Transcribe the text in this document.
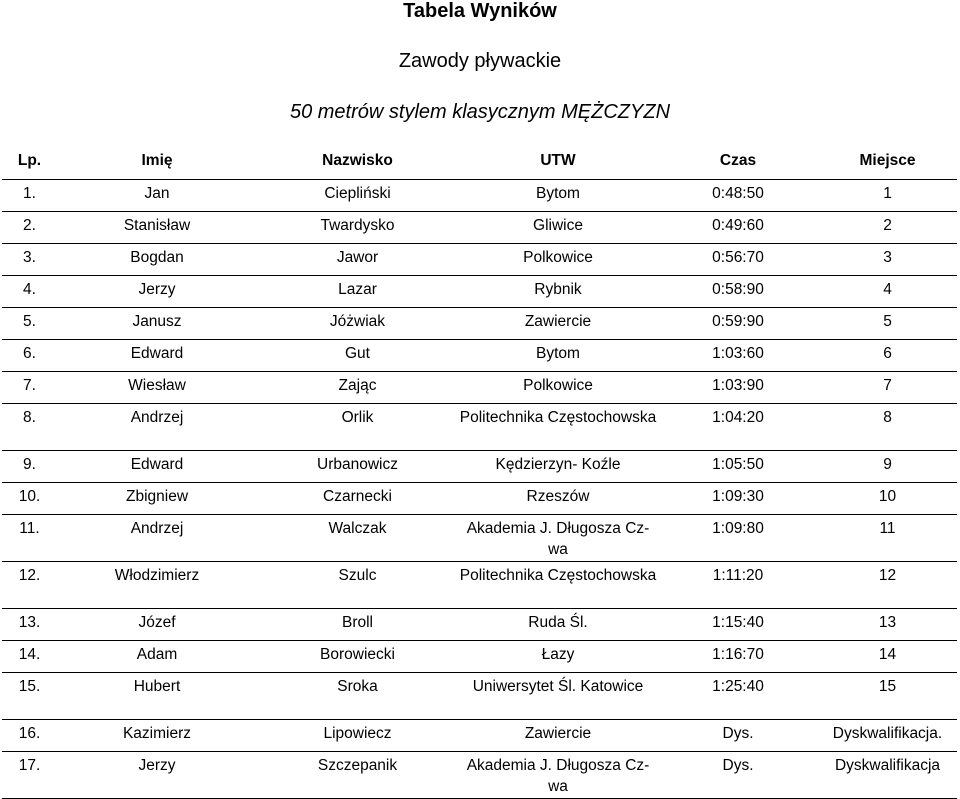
Tabela Wyników
Zawody pływackie
50 metrów stylem klasycznym MĘŻCZYZN
Lp.	Imię	Nazwisko	UTW	Czas	Miejsce
1.	Jan	Ciepliński	Bytom	0:48:50	1
2.	Stanisław	Twardysko	Gliwice	0:49:60	2
3.	Bogdan	Jawor	Polkowice	0:56:70	3
4.	Jerzy	Lazar	Rybnik	0:58:90	4
5.	Janusz	Jóżwiak	Zawiercie	0:59:90	5
6.	Edward	Gut	Bytom	1:03:60	6
7.	Wiesław	Zając	Polkowice	1:03:90	7
8.	Andrzej	Orlik	Politechnika Częstochowska	1:04:20	8
9.	Edward	Urbanowicz	Kędzierzyn- Koźle	1:05:50	9
10.	Zbigniew	Czarnecki	Rzeszów	1:09:30	10
11.	Andrzej	Walczak	Akademia J. Długosza Cz-wa	1:09:80	11
12.	Włodzimierz	Szulc	Politechnika Częstochowska	1:11:20	12
13.	Józef	Broll	Ruda Śl.	1:15:40	13
14.	Adam	Borowiecki	Łazy	1:16:70	14
15.	Hubert	Sroka	Uniwersytet Śl. Katowice	1:25:40	15
16.	Kazimierz	Lipowiecz	Zawiercie	Dys.	Dyskwalifikacja.
17.	Jerzy	Szczepanik	Akademia J. Długosza Cz-wa	Dys.	Dyskwalifikacja
